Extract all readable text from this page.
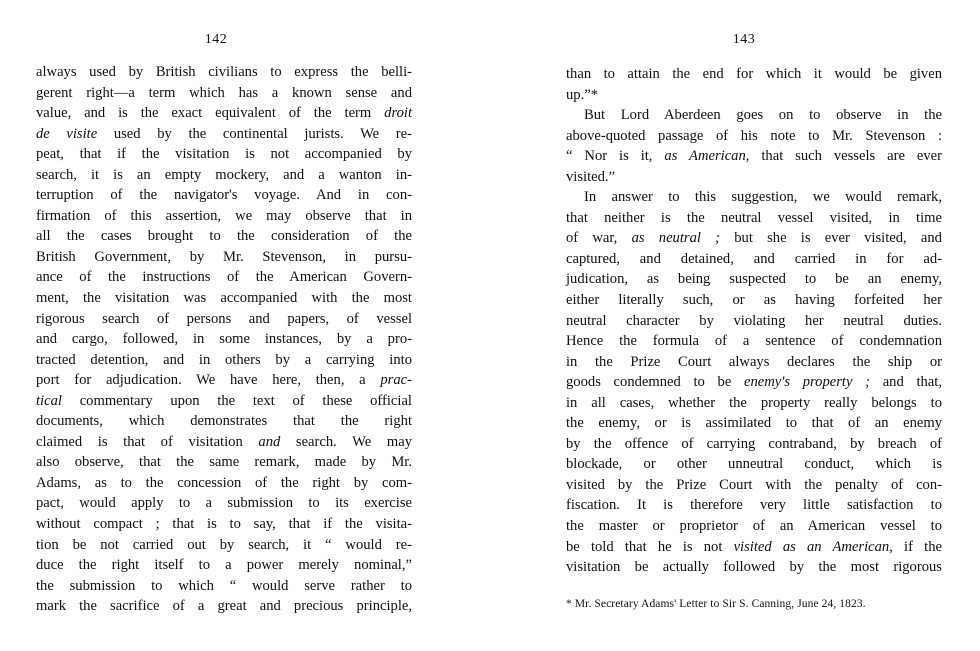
142
always used by British civilians to express the belli-
gerent right—a term which has a known sense and
value, and is the exact equivalent of the term droit
de visite used by the continental jurists. We re-
peat, that if the visitation is not accompanied by
search, it is an empty mockery, and a wanton in-
terruption of the navigator's voyage. And in con-
firmation of this assertion, we may observe that in
all the cases brought to the consideration of the
British Government, by Mr. Stevenson, in pursu-
ance of the instructions of the American Govern-
ment, the visitation was accompanied with the most
rigorous search of persons and papers, of vessel
and cargo, followed, in some instances, by a pro-
tracted detention, and in others by a carrying into
port for adjudication. We have here, then, a prac-
tical commentary upon the text of these official
documents, which demonstrates that the right
claimed is that of visitation and search. We may
also observe, that the same remark, made by Mr.
Adams, as to the concession of the right by com-
pact, would apply to a submission to its exercise
without compact ; that is to say, that if the visita-
tion be not carried out by search, it “ would re-
duce the right itself to a power merely nominal,”
the submission to which “ would serve rather to
mark the sacrifice of a great and precious principle,
143
than to attain the end for which it would be given
up.”*
But Lord Aberdeen goes on to observe in the
above-quoted passage of his note to Mr. Stevenson :
“ Nor is it, as American, that such vessels are ever
visited.”
In answer to this suggestion, we would remark,
that neither is the neutral vessel visited, in time
of war, as neutral ; but she is ever visited, and
captured, and detained, and carried in for ad-
judication, as being suspected to be an enemy,
either literally such, or as having forfeited her
neutral character by violating her neutral duties.
Hence the formula of a sentence of condemnation
in the Prize Court always declares the ship or
goods condemned to be enemy's property ; and that,
in all cases, whether the property really belongs to
the enemy, or is assimilated to that of an enemy
by the offence of carrying contraband, by breach of
blockade, or other unneutral conduct, which is
visited by the Prize Court with the penalty of con-
fiscation. It is therefore very little satisfaction to
the master or proprietor of an American vessel to
be told that he is not visited as an American, if the
visitation be actually followed by the most rigorous
* Mr. Secretary Adams' Letter to Sir S. Canning, June 24, 1823.
